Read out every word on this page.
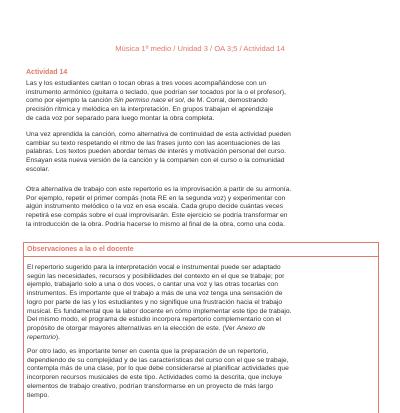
Música 1º medio / Unidad 3 / OA 3;5 / Actividad 14
Actividad 14

Las y los estudiantes cantan o tocan obras a tres voces acompañándose con un
instrumento armónico (guitarra o teclado, que podrían ser tocados por la o el profesor),
como por ejemplo la canción Sin permiso nace el sol, de M. Corral, demostrando
precisión rítmica y melódica en la interpretación. En grupos trabajan el aprendizaje
de cada voz por separado para luego montar la obra completa.

Una vez aprendida la canción, como alternativa de continuidad de esta actividad pueden
cambiar su texto respetando el ritmo de las frases junto con las acentuaciones de las
palabras. Los textos pueden abordar temas de interés y motivación personal del curso.
Ensayan esta nueva versión de la canción y la comparten con el curso o la comunidad
escolar.

Otra alternativa de trabajo con este repertorio es la improvisación a partir de su armonía.
Por ejemplo, repetir el primer compás (nota RE en la segunda voz) y experimentar con
algún instrumento melódico o la voz en esa escala. Cada grupo decide cuántas veces
repetirá ese compás sobre el cual improvisarán. Este ejercicio se podría transformar en
la introducción de la obra. Podría hacerse lo mismo al final de la obra, como una coda.

Observaciones a la o el docente

El repertorio sugerido para la interpretación vocal e instrumental puede ser adaptado
según las necesidades, recursos y posibilidades del contexto en el que se trabaje; por
ejemplo, trabajarlo solo a una o dos voces, o cantar una voz y las otras tocarlas con
instrumentos. Es importante que el trabajo a más de una voz tenga una sensación de
logro por parte de las y los estudiantes y no signifique una frustración hacia el trabajo
musical. Es fundamental que la labor docente en cómo implementar este tipo de trabajo.
Del mismo modo, el programa de estudio incorpora repertorio complementario con el
propósito de otorgar mayores alternativas en la elección de este. (Ver Anexo de
repertorio).

Por otro lado, es importante tener en cuenta que la preparación de un repertorio,
dependiendo de su complejidad y de las características del curso con el que se trabaje,
contempla más de una clase, por lo que debe considerarse al planificar actividades que
incorporen recursos musicales de este tipo. Actividades como la descrita, que incluye
elementos de trabajo creativo, podrían transformarse en un proyecto de más largo
tiempo.
